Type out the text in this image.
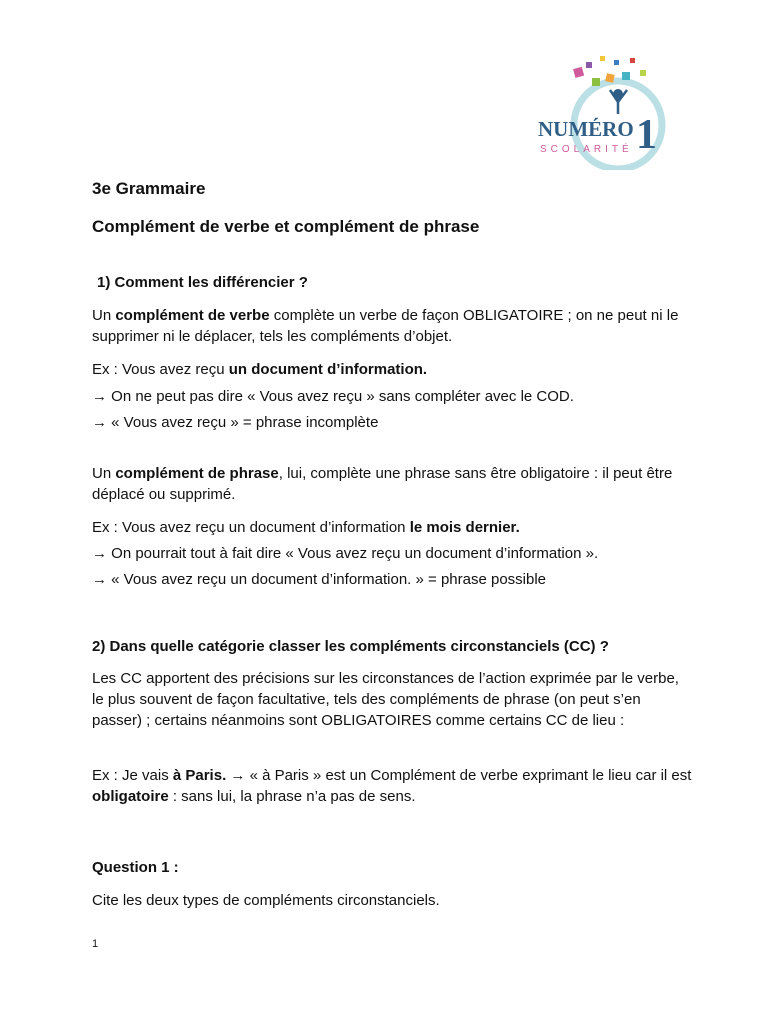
NUMÉRO 1
SCOLARITÉ

3e Grammaire

Complément de verbe et complément de phrase

1) Comment les différencier ?

Un complément de verbe complète un verbe de façon OBLIGATOIRE ; on ne peut ni le supprimer ni le déplacer, tels les compléments d’objet.

Ex : Vous avez reçu un document d’information.

→ On ne peut pas dire « Vous avez reçu » sans compléter avec le COD.

→ « Vous avez reçu » = phrase incomplète

Un complément de phrase, lui, complète une phrase sans être obligatoire : il peut être déplacé ou supprimé.

Ex : Vous avez reçu un document d’information le mois dernier.

→ On pourrait tout à fait dire « Vous avez reçu un document d’information ».

→ « Vous avez reçu un document d’information. » = phrase possible

2) Dans quelle catégorie classer les compléments circonstanciels (CC) ?

Les CC apportent des précisions sur les circonstances de l’action exprimée par le verbe, le plus souvent de façon facultative, tels des compléments de phrase (on peut s’en passer) ; certains néanmoins sont OBLIGATOIRES comme certains CC de lieu :

Ex : Je vais à Paris. → « à Paris » est un Complément de verbe exprimant le lieu car il est obligatoire : sans lui, la phrase n’a pas de sens.

Question 1 :

Cite les deux types de compléments circonstanciels.

1
